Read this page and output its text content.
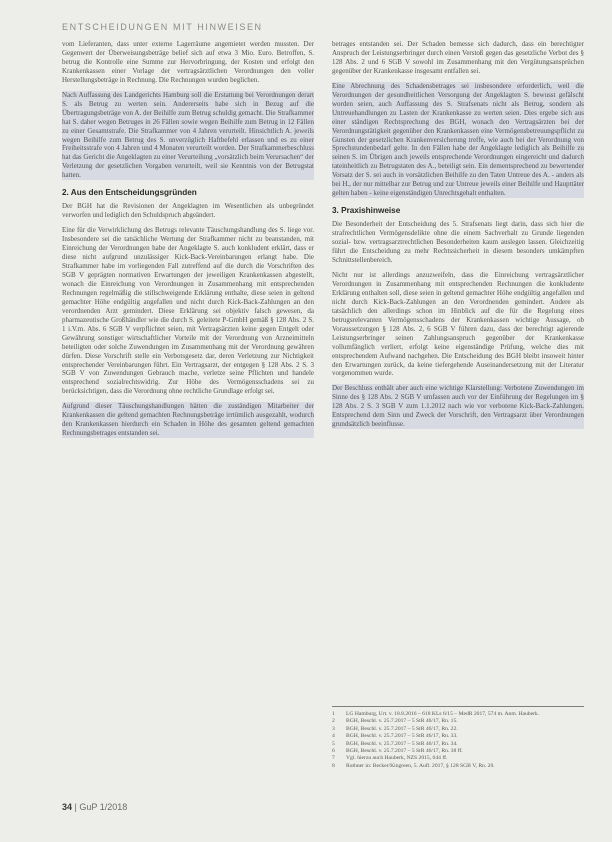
ENTSCHEIDUNGEN MIT HINWEISEN

vom Lieferanten, dass unter externe Lagerräume angemietet werden mussten. Der Gegenwert der Überweisungsbeträge belief sich auf etwa 3 Mio. Euro. Betroffen, S. betrug die Kontrolle eine Summe zur Hervorbringung, der Kosten und erfolgt den Krankenkassen einer Vorlage der vertragsärztlichen Verordnungen den voller Herstellungsbeträge in Rechnung. Die Rechnungen wurden beglichen.

Nach Auffassung des Landgerichts Hamburg soll die Erstattung bei Verordnungen derart S. als Betrug zu werten sein. Andererseits habe sich in Bezug auf die Übertragungsbeträge von A. der Beihilfe zum Betrug schuldig gemacht. Die Strafkammer hat S. daher wegen Betruges in 26 Fällen sowie wegen Beihilfe zum Betrug in 12 Fällen zu einer Gesamtstrafe. Die Strafkammer von 4 Jahren verurteilt. Hinsichtlich A. jeweils wegen Beihilfe zum Betrug des S. unverzüglich Haftbefehl erlassen und es zu einer Freiheitsstrafe von 4 Jahren und 4 Monaten verurteilt worden. Der Strafkammerbeschluss hat das Gericht die Angeklagten zu einer Verurteilung „vorsätzlich beim Verursachen“ der Verletzung der gesetzlichen Vorgaben verurteilt, weil sie Kenntnis von der Betrugstat hatten.

2. Aus den Entscheidungsgründen

Der BGH hat die Revisionen der Angeklagten im Wesentlichen als unbegründet verworfen und lediglich den Schuldspruch abgeändert.

Eine für die Verwirklichung des Betrugs relevante Täuschungshandlung des S. liege vor. Insbesondere sei die tatsächliche Wertung der Strafkammer nicht zu beanstanden, mit Einreichung der Verordnungen habe der Angeklagte S. auch konkludent erklärt, dass er diese nicht aufgrund unzulässiger Kick-Back-Vereinbarungen erlangt habe. Die Strafkammer habe im vorliegenden Fall zutreffend auf die durch die Vorschriften des SGB V geprägten normativen Erwartungen der jeweiligen Krankenkassen abgestellt, wonach die Einreichung von Verordnungen in Zusammenhang mit entsprechenden Rechnungen regelmäßig die stillschweigende Erklärung enthalte, diese seien in geltend gemachter Höhe endgültig angefallen und nicht durch Kick-Back-Zahlungen an den verordnenden Arzt gemindert. Diese Erklärung sei objektiv falsch gewesen, da pharmazeutische Großhändler wie die durch S. geleitete P-GmbH gemäß § 128 Abs. 2 S. 1 i.V.m. Abs. 6 SGB V verpflichtet seien, mit Vertragsärzten keine gegen Entgelt oder Gewährung sonstiger wirtschaftlicher Vorteile mit der Verordnung von Arzneimitteln beteiligten oder solche Zuwendungen im Zusammenhang mit der Verordnung gewähren dürfen. Diese Vorschrift stelle ein Verbotsgesetz dar, deren Verletzung zur Nichtigkeit entsprechender Vereinbarungen führt. Ein Vertragsarzt, der entgegen § 128 Abs. 2 S. 3 SGB V von Zuwendungen Gebrauch mache, verletze seine Pflichten und handele entsprechend sozialrechtswidrig. Zur Höhe des Vermögensschadens sei zu berücksichtigen, dass die Verordnung ohne rechtliche Grundlage erfolgt sei.

Aufgrund dieser Täuschungshandlungen hätten die zuständigen Mitarbeiter der Krankenkassen die geltend gemachten Rechnungsbeträge irrtümlich ausgezahlt, wodurch den Krankenkassen hierdurch ein Schaden in Höhe des gesamten geltend gemachten Rechnungsbetrages entstanden sei.

betrages entstanden sei. Der Schaden bemesse sich dadurch, dass ein berechtigter Anspruch der Leistungserbringer durch einen Verstoß gegen das gesetzliche Verbot des § 128 Abs. 2 und 6 SGB V sowohl im Zusammenhang mit den Vergütungsansprüchen gegenüber der Krankenkasse insgesamt entfallen sei.

Eine Abrechnung des Schadensbetrages sei insbesondere erforderlich, weil die Verordnungen der gesundheitlichen Versorgung der Angeklagten S. bewusst gefälscht worden seien, auch Auffassung des S. Strafsenats nicht als Betrug, sondern als Untreuehandlungen zu Lasten der Krankenkasse zu werten seien. Dies ergebe sich aus einer ständigen Rechtsprechung des BGH, wonach den Vertragsärzten bei der Verordnungstätigkeit gegenüber den Krankenkassen eine Vermögensbetreuungspflicht zu Gunsten der gesetzlichen Krankenversicherung treffe, wie auch bei der Verordnung von Sprechstundenbedarf gelte. In den Fällen habe der Angeklagte lediglich als Beihilfe zu seinen S. im Übrigen auch jeweils entsprechende Verordnungen eingereicht und dadurch tateinheitlich zu Betrugstaten des A., beteiligt sein. Ein dementsprechend zu bewertender Vorsatz der S. sei auch in vorsätzlichen Beihilfe zu den Taten Untreue des A. - anders als bei H., der nur mittelbar zur Betrug und zur Untreue jeweils einer Beihilfe und Haupttäter gelten haben - keine eigenständigen Unrechtsgehalt enthalten.

3. Praxishinweise

Die Besonderheit der Entscheidung des 5. Strafsenats liegt darin, dass sich hier die strafrechtlichen Vermögensdelikte ohne die einem Sachverhalt zu Grunde liegenden sozial- bzw. vertragsarztrechtlichen Besonderheiten kaum auslegen lassen. Gleichzeitig führt die Entscheidung zu mehr Rechtssicherheit in diesem besonders umkämpften Schnittstellenbereich.

Nicht nur ist allerdings anzuzweifeln, dass die Einreichung vertragsärztlicher Verordnungen in Zusammenhang mit entsprechenden Rechnungen die konkludente Erklärung enthalten soll, diese seien in geltend gemachter Höhe endgültig angefallen und nicht durch Kick-Back-Zahlungen an den Verordnenden gemindert. Andere als tatsächlich den allerdings schon im Hinblick auf die für die Regelung eines betrugsrelevanten Vermögensschadens der Krankenkassen wichtige Aussage, ob Voraussetzungen § 128 Abs. 2, 6 SGB V führen dazu, dass der berechtigt agierende Leistungserbringer seinen Zahlungsanspruch gegenüber der Krankenkasse vollumfänglich verliert, erfolgt keine eigenständige Prüfung, welche dies mit entsprechendem Aufwand nachgehen. Die Entscheidung des BGH bleibt insoweit hinter den Erwartungen zurück, da keine tiefergehende Auseinandersetzung mit der Literatur vorgenommen wurde.

Der Beschluss enthält aber auch eine wichtige Klarstellung: Verbotene Zuwendungen im Sinne des § 128 Abs. 2 SGB V umfassen auch vor der Einführung der Regelungen im § 128 Abs. 2 S. 3 SGB V zum 1.1.2012 nach wie vor verbotene Kick-Back-Zahlungen. Entsprechend dem Sinn und Zweck der Vorschrift, den Vertragsarzt über Verordnungen grundsätzlich beeinflusse.

1	LG Hamburg, Urt. v. 18.8.2016 – 618 KLs 6/15 – MedR 2017, 574 m. Anm. Hauberk.
2	BGH, Beschl. v. 25.7.2017 – 5 StR 46/17, Rn. 15.
3	BGH, Beschl. v. 25.7.2017 – 5 StR 46/17, Rn. 22.
4	BGH, Beschl. v. 25.7.2017 – 5 StR 46/17, Rn. 33.
5	BGH, Beschl. v. 25.7.2017 – 5 StR 46/17, Rn. 34.
6	BGH, Beschl. v. 25.7.2017 – 5 StR 46/17, Rn. 38 ff.
7	Vgl. hierzu auch Hauberk, NZS 2015, 644 ff.
8	Ruthner in: Becker/Kingreen, 5. Aufl. 2017, § 128 SGB V, Rn. 20.
34 | GuP 1/2018
